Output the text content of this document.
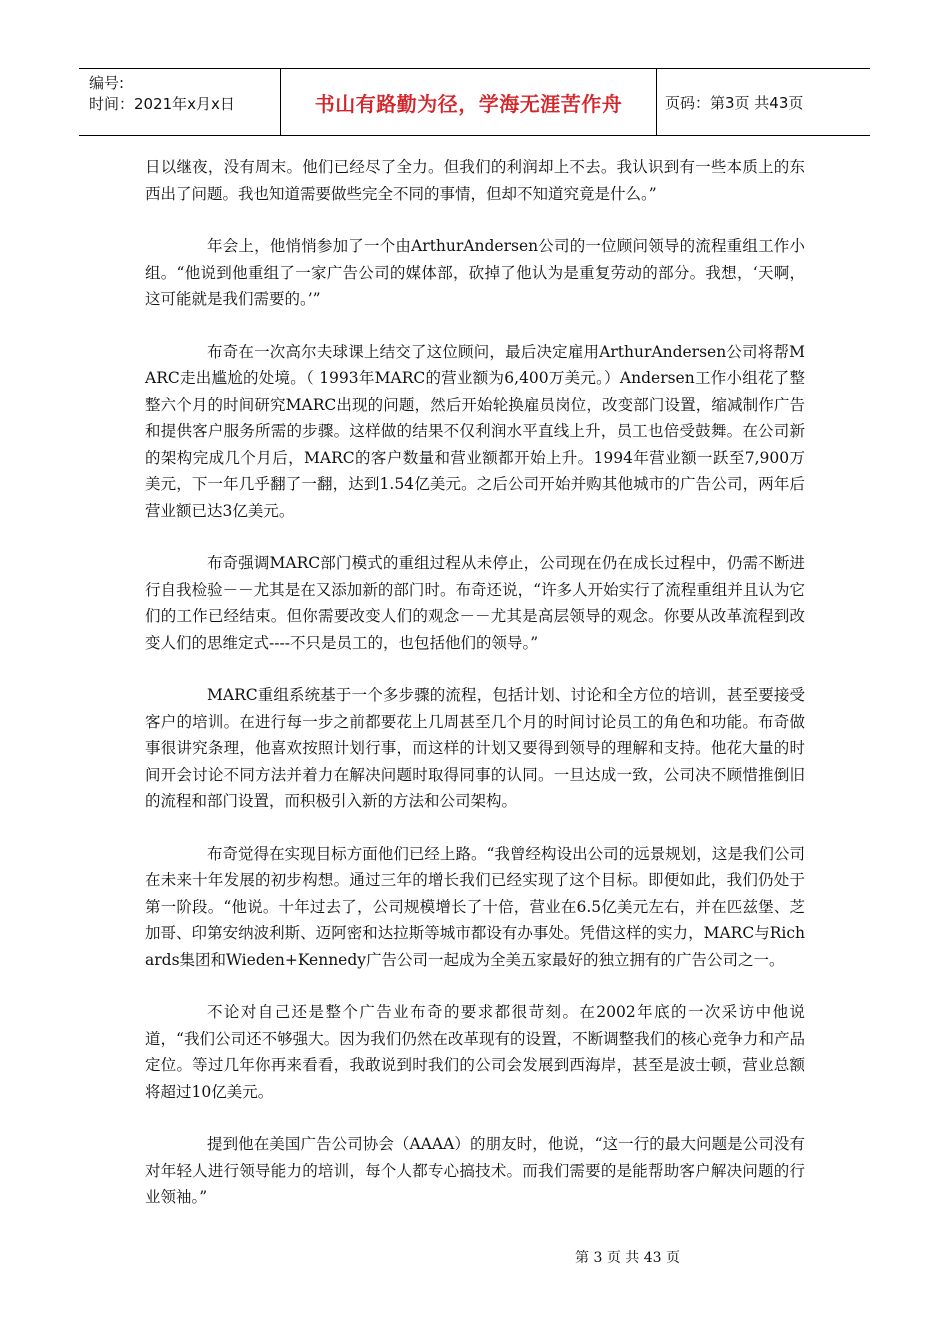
编号:
时间：2021年x月x日	书山有路勤为径，学海无涯苦作舟	页码：第3页 共43页

日以继夜，没有周末。他们已经尽了全力。但我们的利润却上不去。我认识到有一些本质上的东西出了问题。我也知道需要做些完全不同的事情，但却不知道究竟是什么。”

年会上，他悄悄参加了一个由ArthurAndersen公司的一位顾问领导的流程重组工作小组。“他说到他重组了一家广告公司的媒体部，砍掉了他认为是重复劳动的部分。我想，‘天啊，这可能就是我们需要的。’”

布奇在一次高尔夫球课上结交了这位顾问，最后决定雇用ArthurAndersen公司将帮MARC走出尴尬的处境。（ 1993年MARC的营业额为6,400万美元。）Andersen工作小组花了整整六个月的时间研究MARC出现的问题，然后开始轮换雇员岗位，改变部门设置，缩减制作广告和提供客户服务所需的步骤。这样做的结果不仅利润水平直线上升，员工也倍受鼓舞。在公司新的架构完成几个月后，MARC的客户数量和营业额都开始上升。1994年营业额一跃至7,900万美元，下一年几乎翻了一翻，达到1.54亿美元。之后公司开始并购其他城市的广告公司，两年后营业额已达3亿美元。

布奇强调MARC部门模式的重组过程从未停止，公司现在仍在成长过程中，仍需不断进行自我检验－－尤其是在又添加新的部门时。布奇还说，“许多人开始实行了流程重组并且认为它们的工作已经结束。但你需要改变人们的观念－－尤其是高层领导的观念。你要从改革流程到改变人们的思维定式----不只是员工的，也包括他们的领导。”

MARC重组系统基于一个多步骤的流程，包括计划、讨论和全方位的培训，甚至要接受客户的培训。在进行每一步之前都要花上几周甚至几个月的时间讨论员工的角色和功能。布奇做事很讲究条理，他喜欢按照计划行事，而这样的计划又要得到领导的理解和支持。他花大量的时间开会讨论不同方法并着力在解决问题时取得同事的认同。一旦达成一致，公司决不顾惜推倒旧的流程和部门设置，而积极引入新的方法和公司架构。

布奇觉得在实现目标方面他们已经上路。“我曾经构设出公司的远景规划，这是我们公司在未来十年发展的初步构想。通过三年的增长我们已经实现了这个目标。即便如此，我们仍处于第一阶段。“他说。十年过去了，公司规模增长了十倍，营业在6.5亿美元左右，并在匹兹堡、芝加哥、印第安纳波利斯、迈阿密和达拉斯等城市都设有办事处。凭借这样的实力，MARC与Richards集团和Wieden+Kennedy广告公司一起成为全美五家最好的独立拥有的广告公司之一。

不论对自己还是整个广告业布奇的要求都很苛刻。在2002年底的一次采访中他说道，“我们公司还不够强大。因为我们仍然在改革现有的设置，不断调整我们的核心竞争力和产品定位。等过几年你再来看看，我敢说到时我们的公司会发展到西海岸，甚至是波士顿，营业总额将超过10亿美元。

提到他在美国广告公司协会（AAAA）的朋友时，他说，“这一行的最大问题是公司没有对年轻人进行领导能力的培训，每个人都专心搞技术。而我们需要的是能帮助客户解决问题的行业领袖。”

第 3 页 共 43 页
